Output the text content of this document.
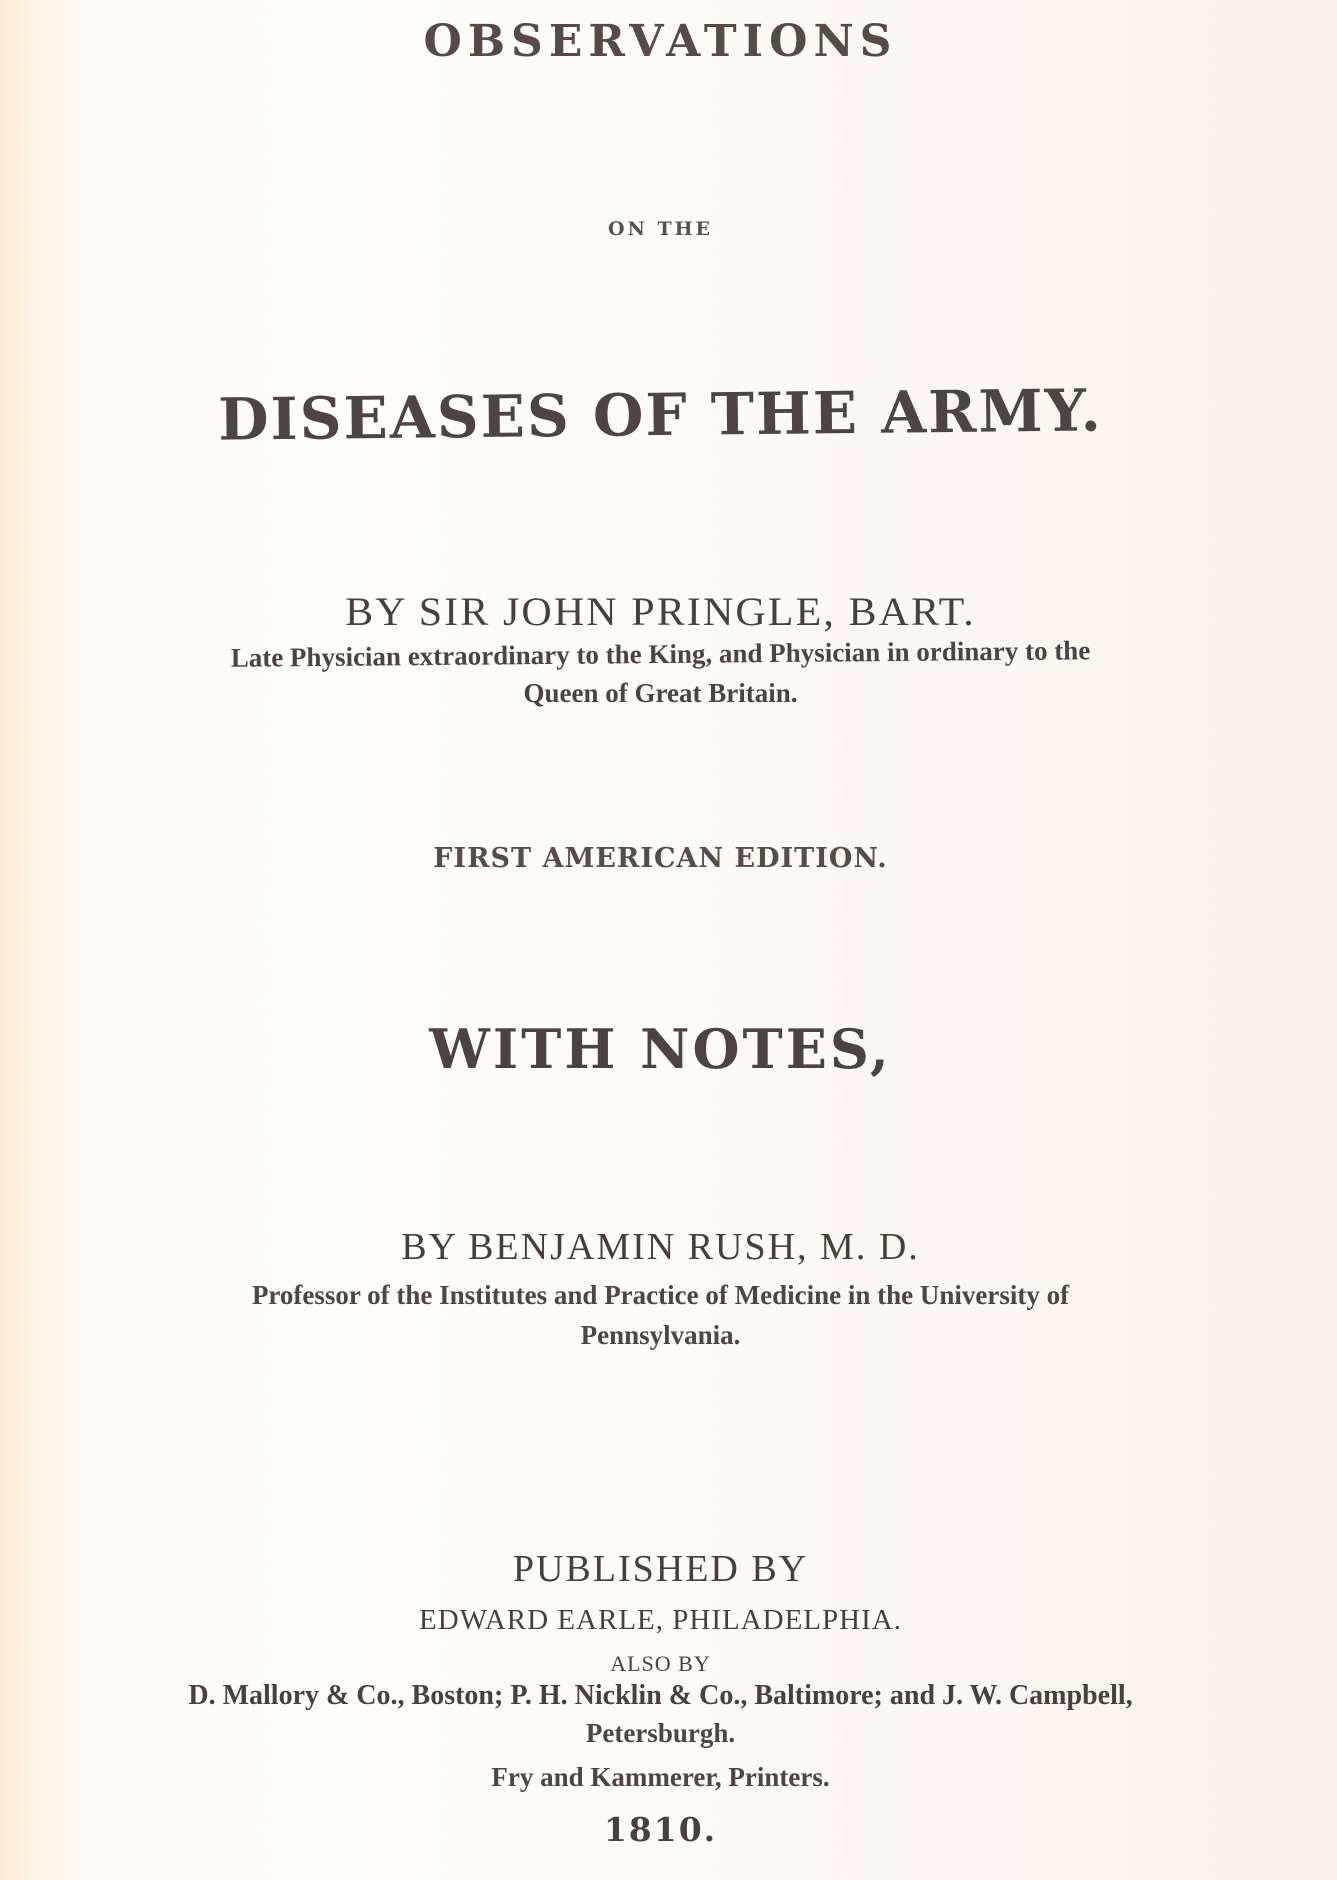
OBSERVATIONS
ON THE
DISEASES OF THE ARMY.
BY SIR JOHN PRINGLE, BART.
Late Physician extraordinary to the King, and Physician in ordinary to the
Queen of Great Britain.
FIRST AMERICAN EDITION.
WITH NOTES,
BY BENJAMIN RUSH, M. D.
Professor of the Institutes and Practice of Medicine in the University of
Pennsylvania.
PUBLISHED BY
EDWARD EARLE, PHILADELPHIA.
ALSO BY
D. Mallory & Co., Boston; P. H. Nicklin & Co., Baltimore; and J. W. Campbell,
Petersburgh.
Fry and Kammerer, Printers.
1810.
